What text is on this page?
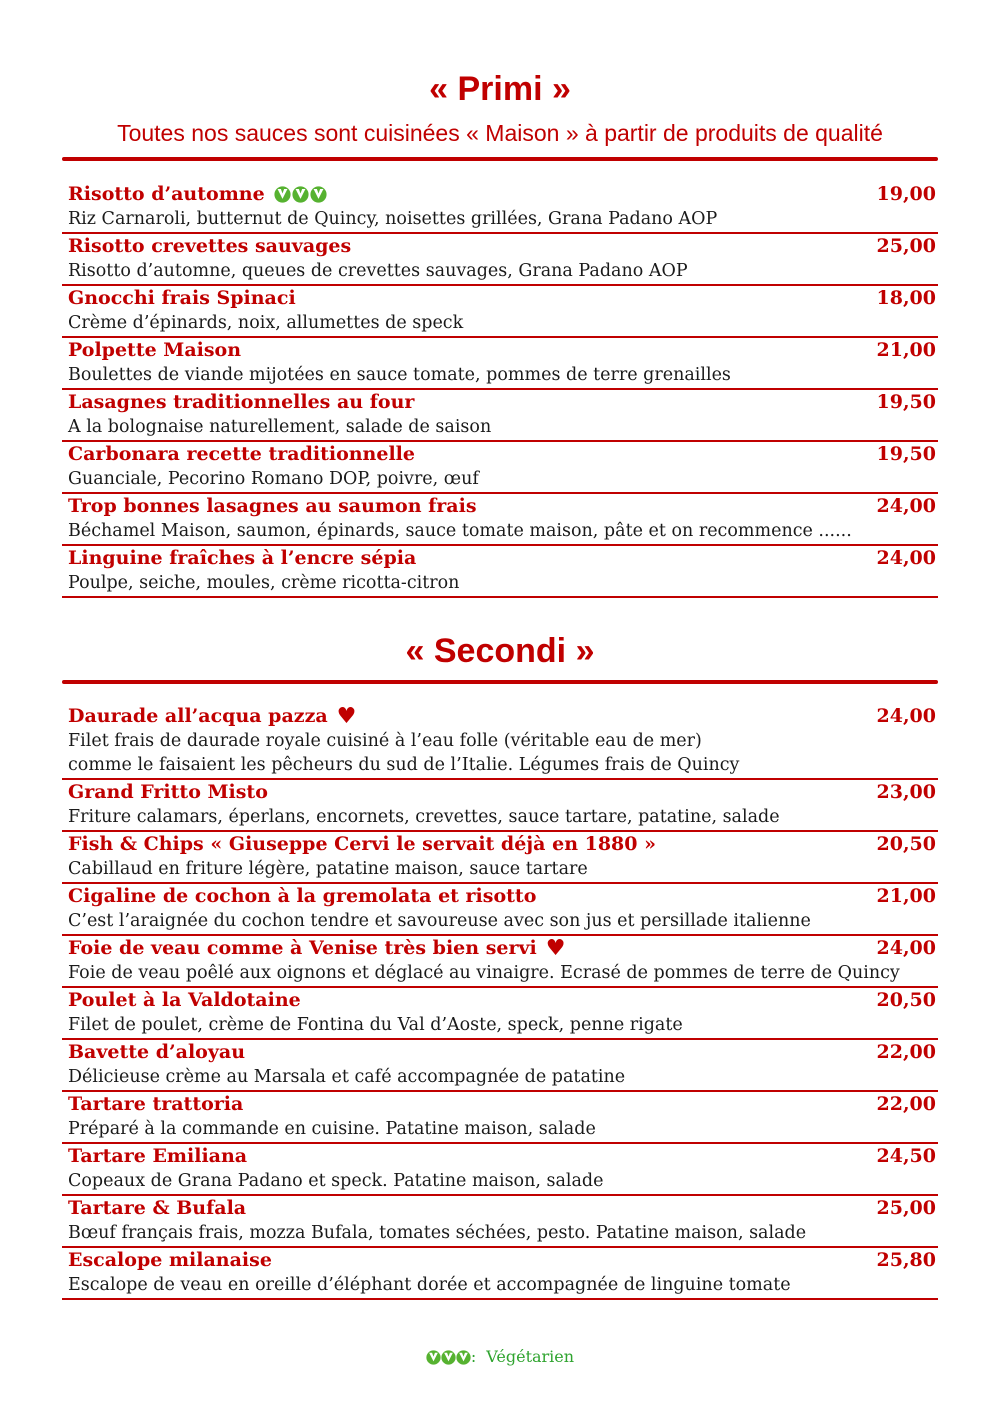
« Primi »
Toutes nos sauces sont cuisinées « Maison » à partir de produits de qualité
Risotto d’automne	19,00
Riz Carnaroli, butternut de Quincy, noisettes grillées, Grana Padano AOP
Risotto crevettes sauvages	25,00
Risotto d’automne, queues de crevettes sauvages, Grana Padano AOP
Gnocchi frais Spinaci	18,00
Crème d’épinards, noix, allumettes de speck
Polpette Maison	21,00
Boulettes de viande mijotées en sauce tomate, pommes de terre grenailles
Lasagnes traditionnelles au four	19,50
A la bolognaise naturellement, salade de saison
Carbonara recette traditionnelle	19,50
Guanciale, Pecorino Romano DOP, poivre, œuf
Trop bonnes lasagnes au saumon frais	24,00
Béchamel Maison, saumon, épinards, sauce tomate maison, pâte et on recommence ......
Linguine fraîches à l’encre sépia	24,00
Poulpe, seiche, moules, crème ricotta-citron
« Secondi »
Daurade all’acqua pazza ♥	24,00
Filet frais de daurade royale cuisiné à l’eau folle (véritable eau de mer)
comme le faisaient les pêcheurs du sud de l’Italie. Légumes frais de Quincy
Grand Fritto Misto	23,00
Friture calamars, éperlans, encornets, crevettes, sauce tartare, patatine, salade
Fish & Chips « Giuseppe Cervi le servait déjà en 1880 »	20,50
Cabillaud en friture légère, patatine maison, sauce tartare
Cigaline de cochon à la gremolata et risotto	21,00
C’est l’araignée du cochon tendre et savoureuse avec son jus et persillade italienne
Foie de veau comme à Venise très bien servi ♥	24,00
Foie de veau poêlé aux oignons et déglacé au vinaigre. Ecrasé de pommes de terre de Quincy
Poulet à la Valdotaine	20,50
Filet de poulet, crème de Fontina du Val d’Aoste, speck, penne rigate
Bavette d’aloyau	22,00
Délicieuse crème au Marsala et café accompagnée de patatine
Tartare trattoria	22,00
Préparé à la commande en cuisine. Patatine maison, salade
Tartare Emiliana	24,50
Copeaux de Grana Padano et speck. Patatine maison, salade
Tartare & Bufala	25,00
Bœuf français frais, mozza Bufala, tomates séchées, pesto. Patatine maison, salade
Escalope milanaise	25,80
Escalope de veau en oreille d’éléphant dorée et accompagnée de linguine tomate
: Végétarien
